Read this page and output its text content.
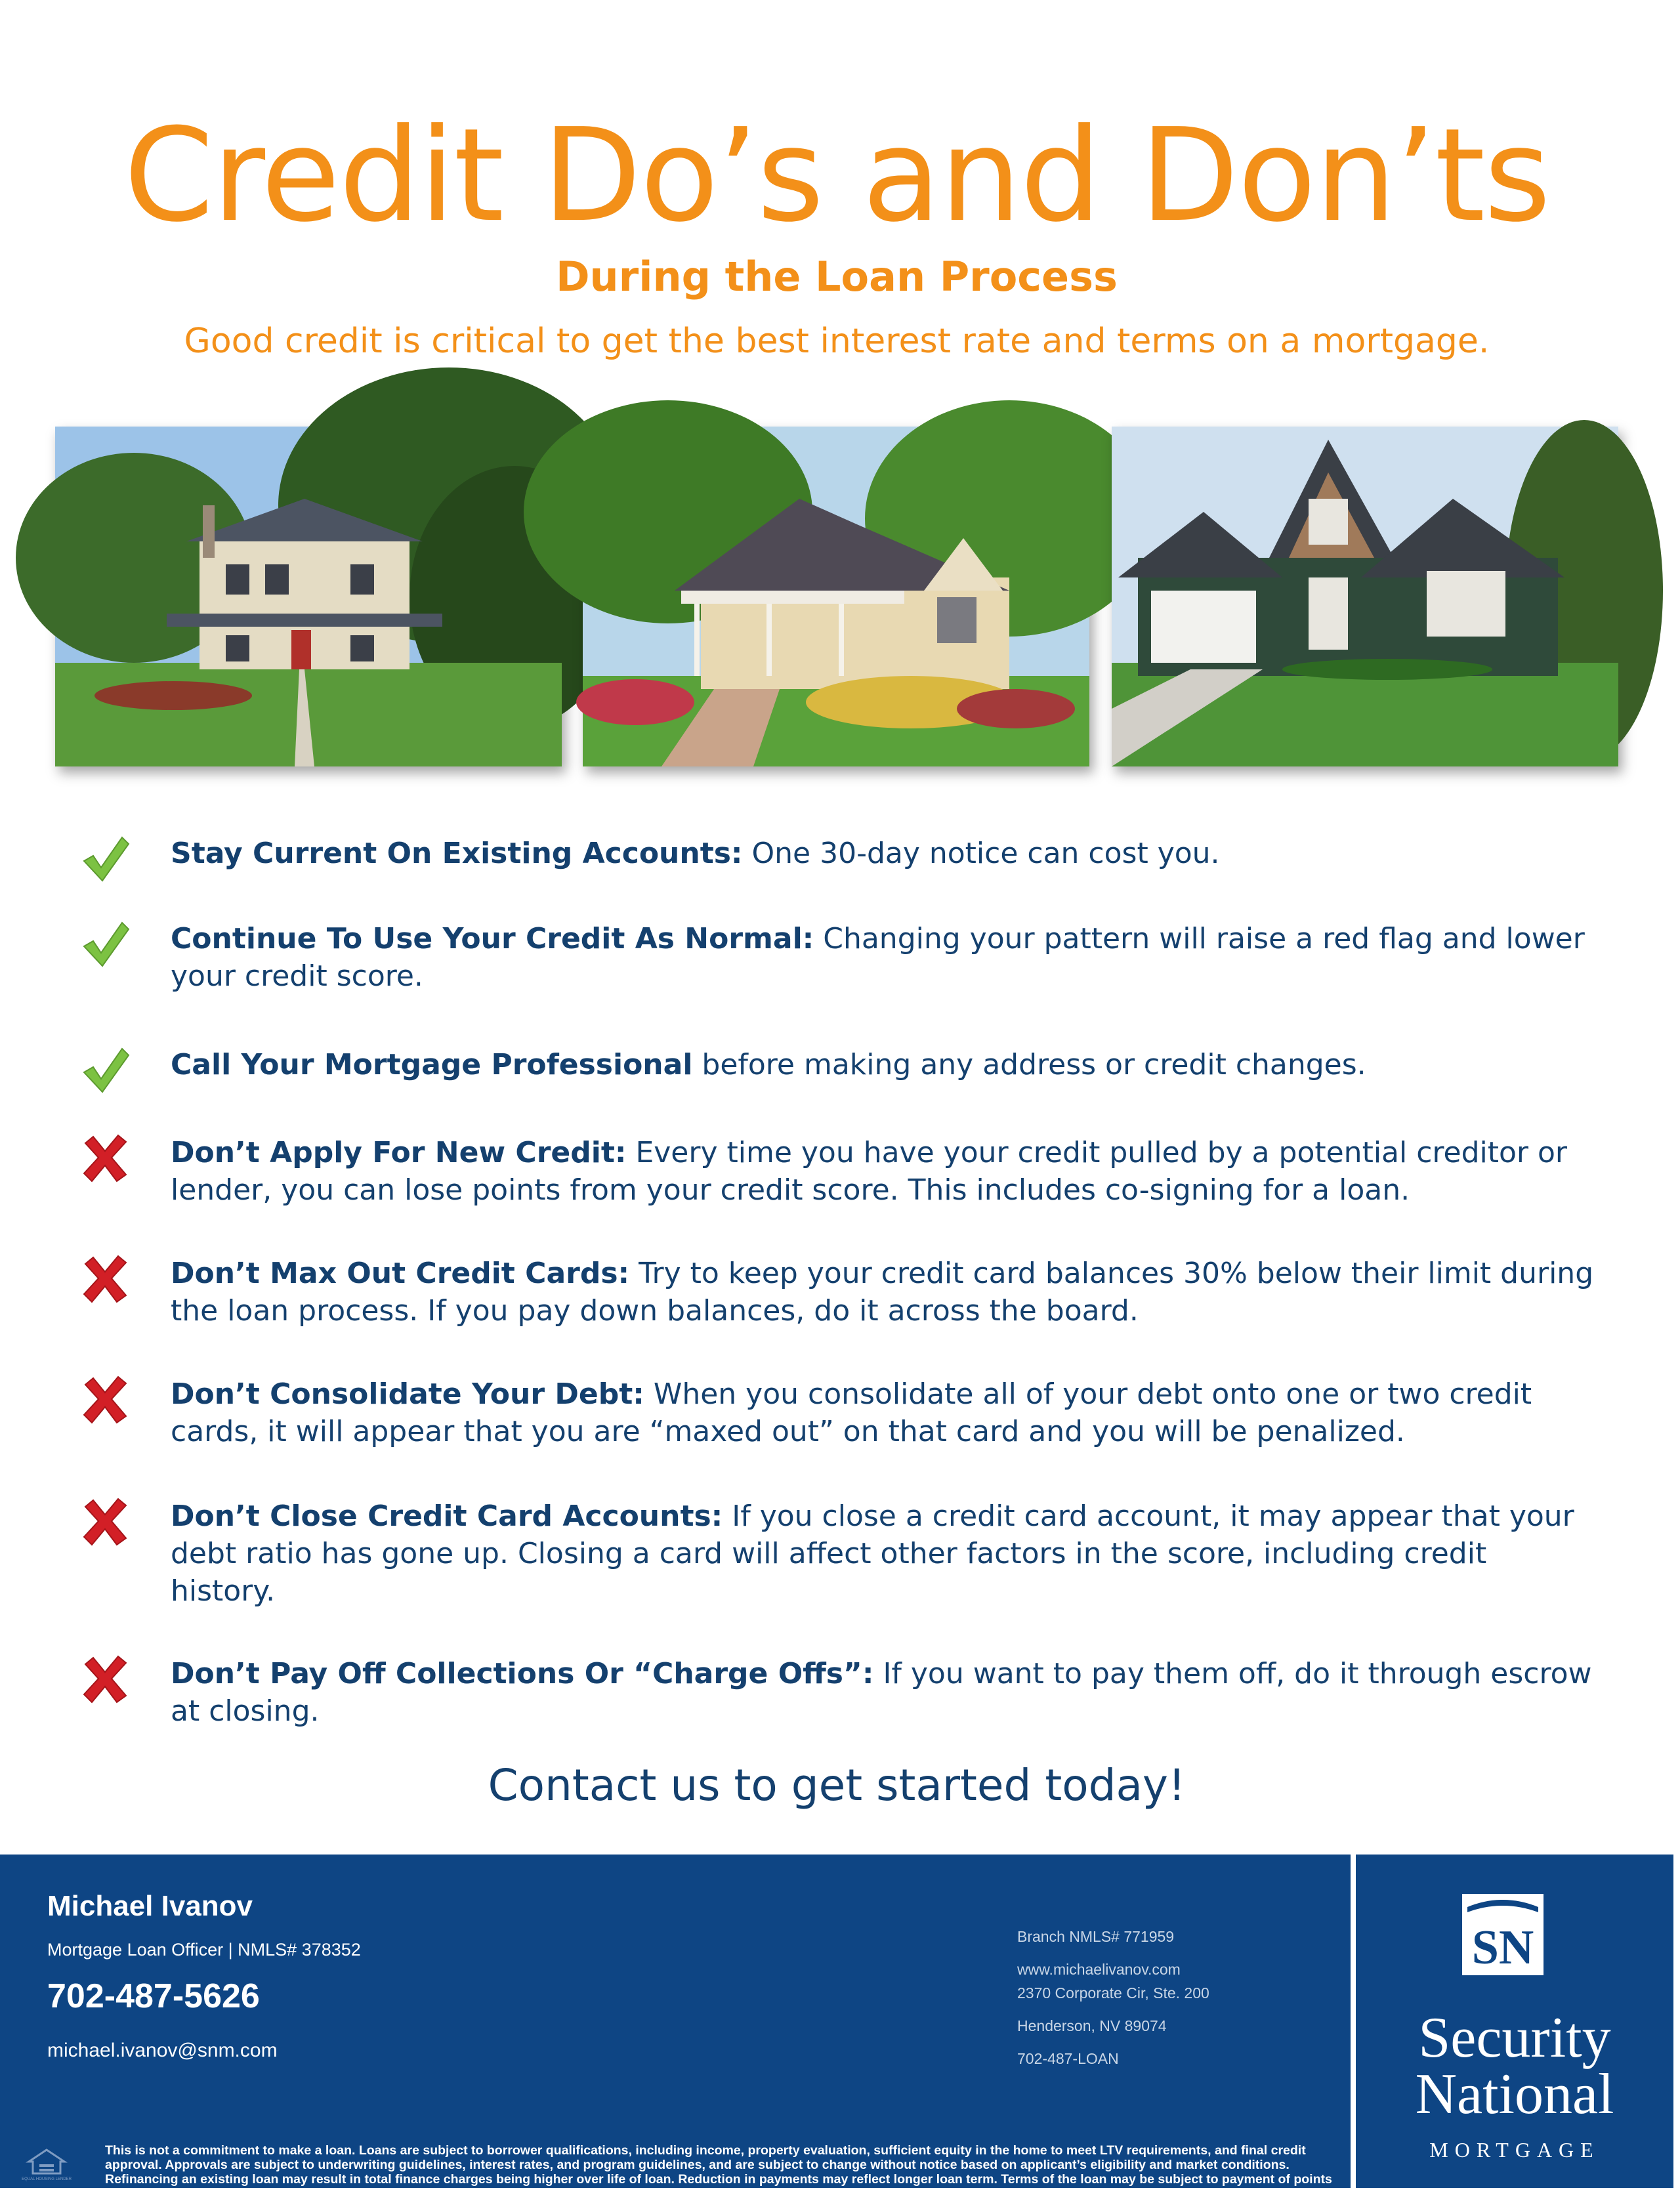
Credit Do’s and Don’ts
During the Loan Process
Good credit is critical to get the best interest rate and terms on a mortgage.
Stay Current On Existing Accounts: One 30-day notice can cost you.
Continue To Use Your Credit As Normal: Changing your pattern will raise a red flag and lower your credit score.
Call Your Mortgage Professional before making any address or credit changes.
Don’t Apply For New Credit: Every time you have your credit pulled by a potential creditor or lender, you can lose points from your credit score. This includes co-signing for a loan.
Don’t Max Out Credit Cards: Try to keep your credit card balances 30% below their limit during the loan process. If you pay down balances, do it across the board.
Don’t Consolidate Your Debt: When you consolidate all of your debt onto one or two credit cards, it will appear that you are “maxed out” on that card and you will be penalized.
Don’t Close Credit Card Accounts: If you close a credit card account, it may appear that your debt ratio has gone up. Closing a card will affect other factors in the score, including credit history.
Don’t Pay Off Collections Or “Charge Offs”: If you want to pay them off, do it through escrow at closing.
Contact us to get started today!
Michael Ivanov
Mortgage Loan Officer | NMLS# 378352
702-487-5626
michael.ivanov@snm.com
Branch NMLS# 771959
www.michaelivanov.com
2370 Corporate Cir, Ste. 200
Henderson, NV 89074
702-487-LOAN
EQUAL HOUSING LENDER
This is not a commitment to make a loan. Loans are subject to borrower qualifications, including income, property evaluation, sufficient equity in the home to meet LTV requirements, and final credit approval. Approvals are subject to underwriting guidelines, interest rates, and program guidelines, and are subject to change without notice based on applicant’s eligibility and market conditions. Refinancing an existing loan may result in total finance charges being higher over life of loan. Reduction in payments may reflect longer loan term. Terms of the loan may be subject to payment of points and fees by the applicant. SecurityNational Mortgage Co. Inc. is an Equal Housing Lender. Company NMLS# 3116.. SNMC0914MISC119
SN
Security
National
MORTGAGE
